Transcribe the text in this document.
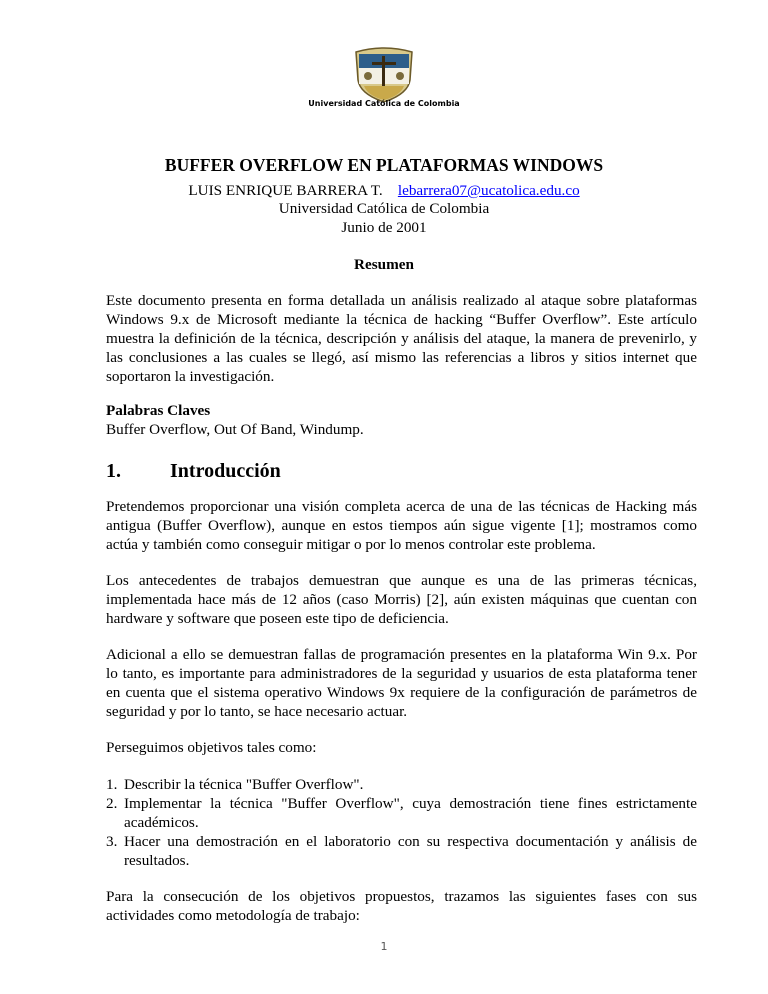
Universidad Católica de Colombia
BUFFER OVERFLOW EN PLATAFORMAS WINDOWS
LUIS ENRIQUE BARRERA T. lebarrera07@ucatolica.edu.co
Universidad Católica de Colombia
Junio de 2001
Resumen
Este documento presenta en forma detallada un análisis realizado al ataque sobre plataformas
Windows 9.x de Microsoft mediante la técnica de hacking “Buffer Overflow”. Este artículo
muestra la definición de la técnica, descripción y análisis del ataque, la manera de prevenirlo, y
las conclusiones a las cuales se llegó, así mismo las referencias a libros y sitios internet que
soportaron la investigación.
Palabras Claves
Buffer Overflow, Out Of Band, Windump.
1. Introducción
Pretendemos proporcionar una visión completa acerca de una de las técnicas de Hacking más
antigua (Buffer Overflow), aunque en estos tiempos aún sigue vigente [1]; mostramos como
actúa y también como conseguir mitigar o por lo menos controlar este problema.
Los antecedentes de trabajos demuestran que aunque es una de las primeras técnicas,
implementada hace más de 12 años (caso Morris) [2], aún existen máquinas que cuentan con
hardware y software que poseen este tipo de deficiencia.
Adicional a ello se demuestran fallas de programación presentes en la plataforma Win 9.x. Por
lo tanto, es importante para administradores de la seguridad y usuarios de esta plataforma tener
en cuenta que el sistema operativo Windows 9x requiere de la configuración de parámetros de
seguridad y por lo tanto, se hace necesario actuar.
Perseguimos objetivos tales como:
1. Describir la técnica "Buffer Overflow".
2. Implementar la técnica "Buffer Overflow", cuya demostración tiene fines estrictamente
académicos.
3. Hacer una demostración en el laboratorio con su respectiva documentación y análisis de
resultados.
Para la consecución de los objetivos propuestos, trazamos las siguientes fases con sus
actividades como metodología de trabajo:
1
